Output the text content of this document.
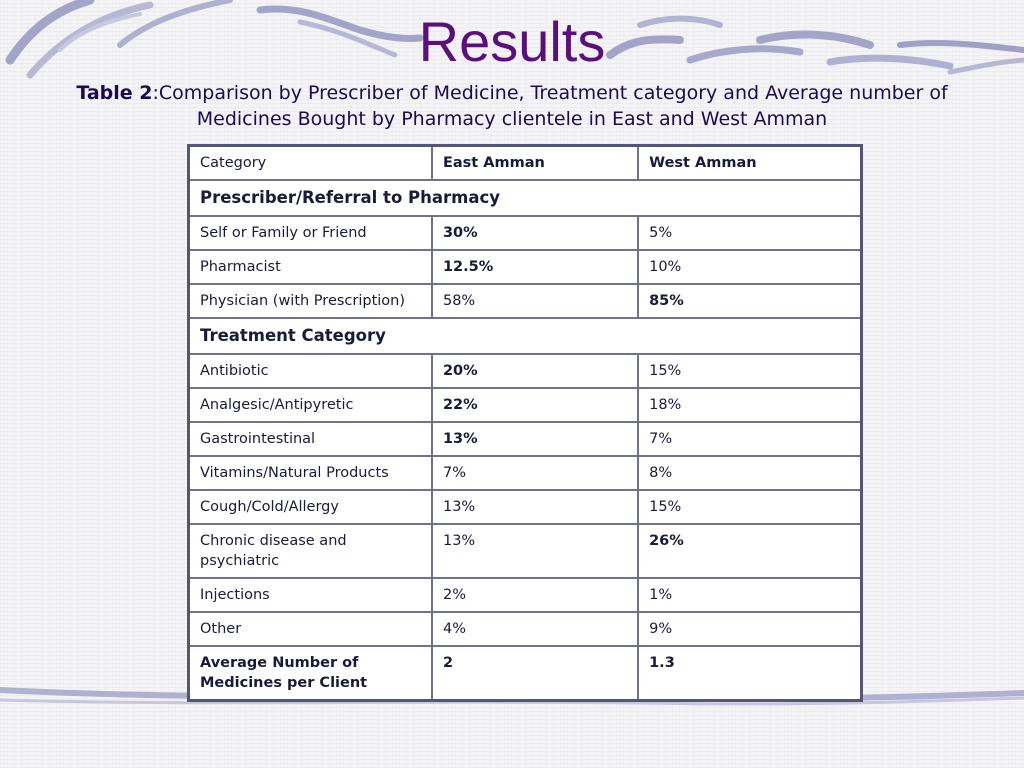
Results

Table 2:Comparison by Prescriber of Medicine, Treatment category and Average number of Medicines Bought by Pharmacy clientele in East and West Amman

Category	East Amman	West Amman
Prescriber/Referral to Pharmacy		
Self or Family or Friend	30%	5%
Pharmacist	12.5%	10%
Physician (with Prescription)	58%	85%
Treatment Category		
Antibiotic	20%	15%
Analgesic/Antipyretic	22%	18%
Gastrointestinal	13%	7%
Vitamins/Natural Products	7%	8%
Cough/Cold/Allergy	13%	15%
Chronic disease and psychiatric	13%	26%
Injections	2%	1%
Other	4%	9%
Average Number of Medicines per Client	2	1.3
